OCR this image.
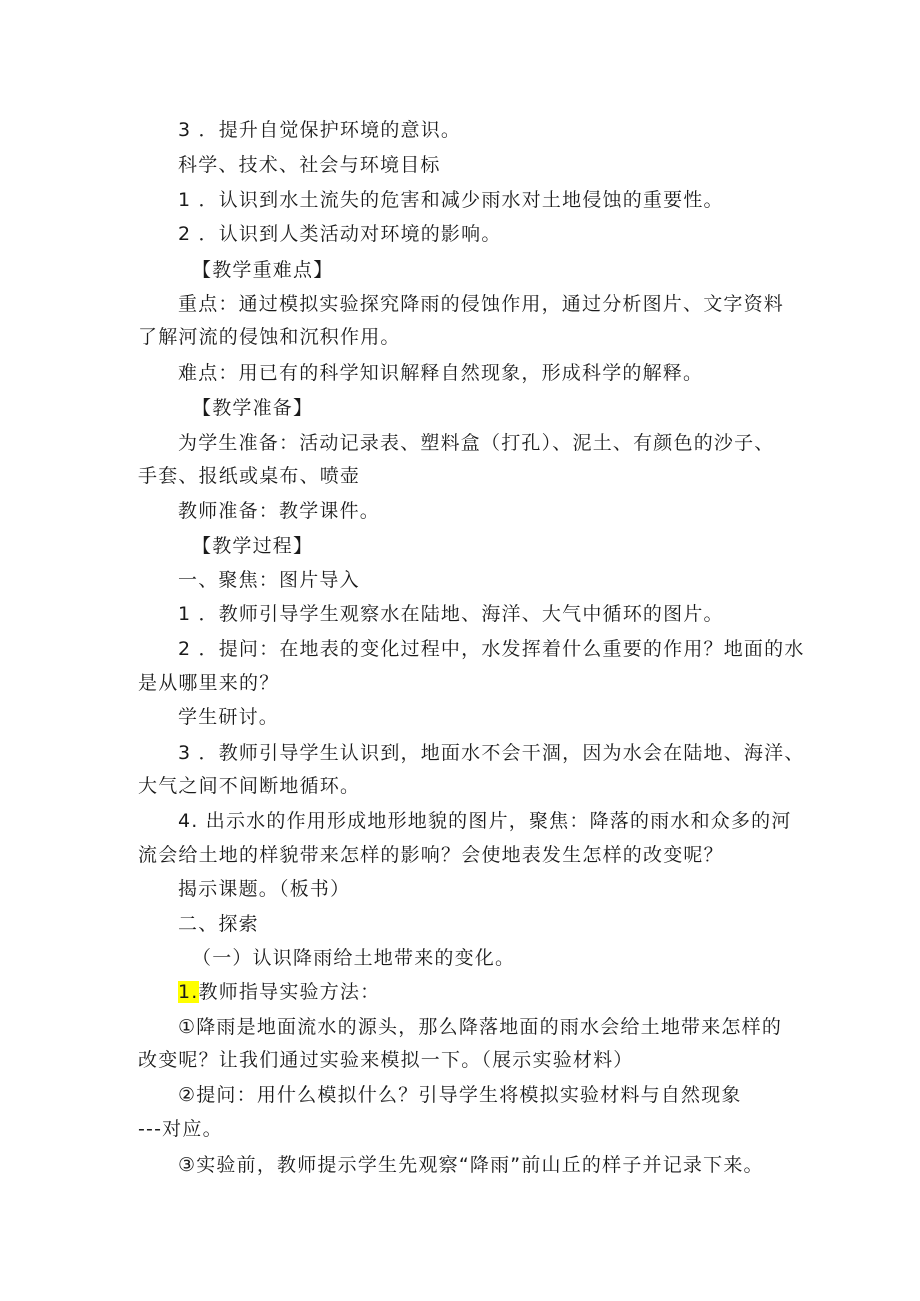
3 ．提升自觉保护环境的意识。
科学、技术、社会与环境目标
1 ．认识到水土流失的危害和减少雨水对土地侵蚀的重要性。
2 ．认识到人类活动对环境的影响。
【教学重难点】
重点：通过模拟实验探究降雨的侵蚀作用，通过分析图片、文字资料
了解河流的侵蚀和沉积作用。
难点：用已有的科学知识解释自然现象，形成科学的解释。
【教学准备】
为学生准备：活动记录表、塑料盒（打孔）、泥土、有颜色的沙子、
手套、报纸或桌布、喷壶
教师准备：教学课件。
【教学过程】
一、聚焦：图片导入
1 ．教师引导学生观察水在陆地、海洋、大气中循环的图片。
2 ．提问：在地表的变化过程中，水发挥着什么重要的作用？地面的水
是从哪里来的？
学生研讨。
3 ．教师引导学生认识到，地面水不会干涸，因为水会在陆地、海洋、
大气之间不间断地循环。
4. 出示水的作用形成地形地貌的图片，聚焦：降落的雨水和众多的河
流会给土地的样貌带来怎样的影响？会使地表发生怎样的改变呢？
揭示课题。（板书）
二、探索
（一）认识降雨给土地带来的变化。
1.教师指导实验方法：
①降雨是地面流水的源头，那么降落地面的雨水会给土地带来怎样的
改变呢？让我们通过实验来模拟一下。（展示实验材料）
②提问：用什么模拟什么？引导学生将模拟实验材料与自然现象
---对应。
③实验前，教师提示学生先观察“降雨”前山丘的样子并记录下来。
